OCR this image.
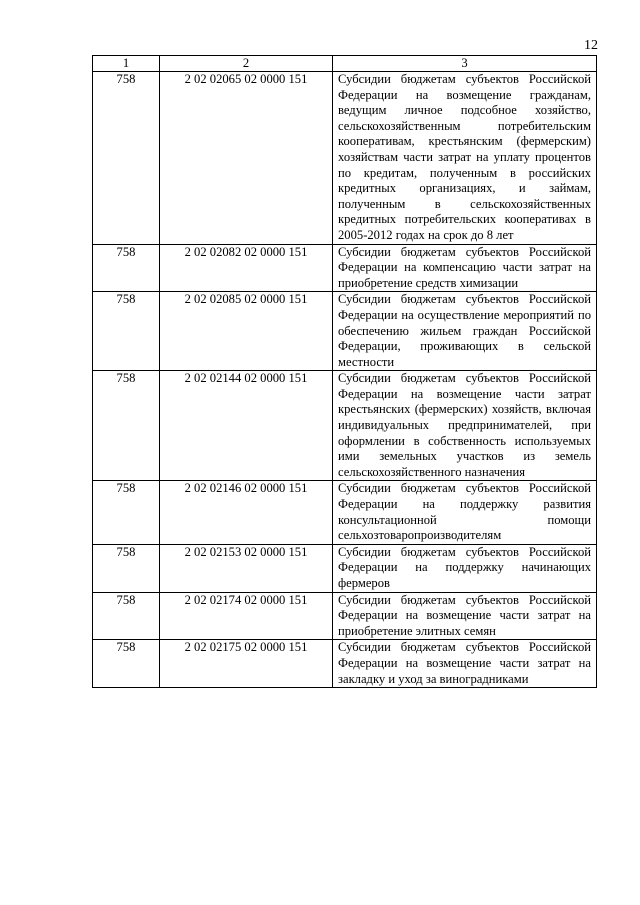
12
1	2	3
758	2 02 02065 02 0000 151	Субсидии бюджетам субъектов Российской Федерации на возмещение гражданам, ведущим личное подсобное хозяйство, сельскохозяйственным потребительским кооперативам, крестьянским (фермерским) хозяйствам части затрат на уплату процентов по кредитам, полученным в российских кредитных организациях, и займам, полученным в сельскохозяйственных кредитных потребительских кооперативах в 2005-2012 годах на срок до 8 лет
758	2 02 02082 02 0000 151	Субсидии бюджетам субъектов Российской Федерации на компенсацию части затрат на приобретение средств химизации
758	2 02 02085 02 0000 151	Субсидии бюджетам субъектов Российской Федерации на осуществление мероприятий по обеспечению жильем граждан Российской Федерации, проживающих в сельской местности
758	2 02 02144 02 0000 151	Субсидии бюджетам субъектов Российской Федерации на возмещение части затрат крестьянских (фермерских) хозяйств, включая индивидуальных предпринимателей, при оформлении в собственность используемых ими земельных участков из земель сельскохозяйственного назначения
758	2 02 02146 02 0000 151	Субсидии бюджетам субъектов Российской Федерации на поддержку развития консультационной помощи сельхозтоваропроизводителям
758	2 02 02153 02 0000 151	Субсидии бюджетам субъектов Российской Федерации на поддержку начинающих фермеров
758	2 02 02174 02 0000 151	Субсидии бюджетам субъектов Российской Федерации на возмещение части затрат на приобретение элитных семян
758	2 02 02175 02 0000 151	Субсидии бюджетам субъектов Российской Федерации на возмещение части затрат на закладку и уход за виноградниками
